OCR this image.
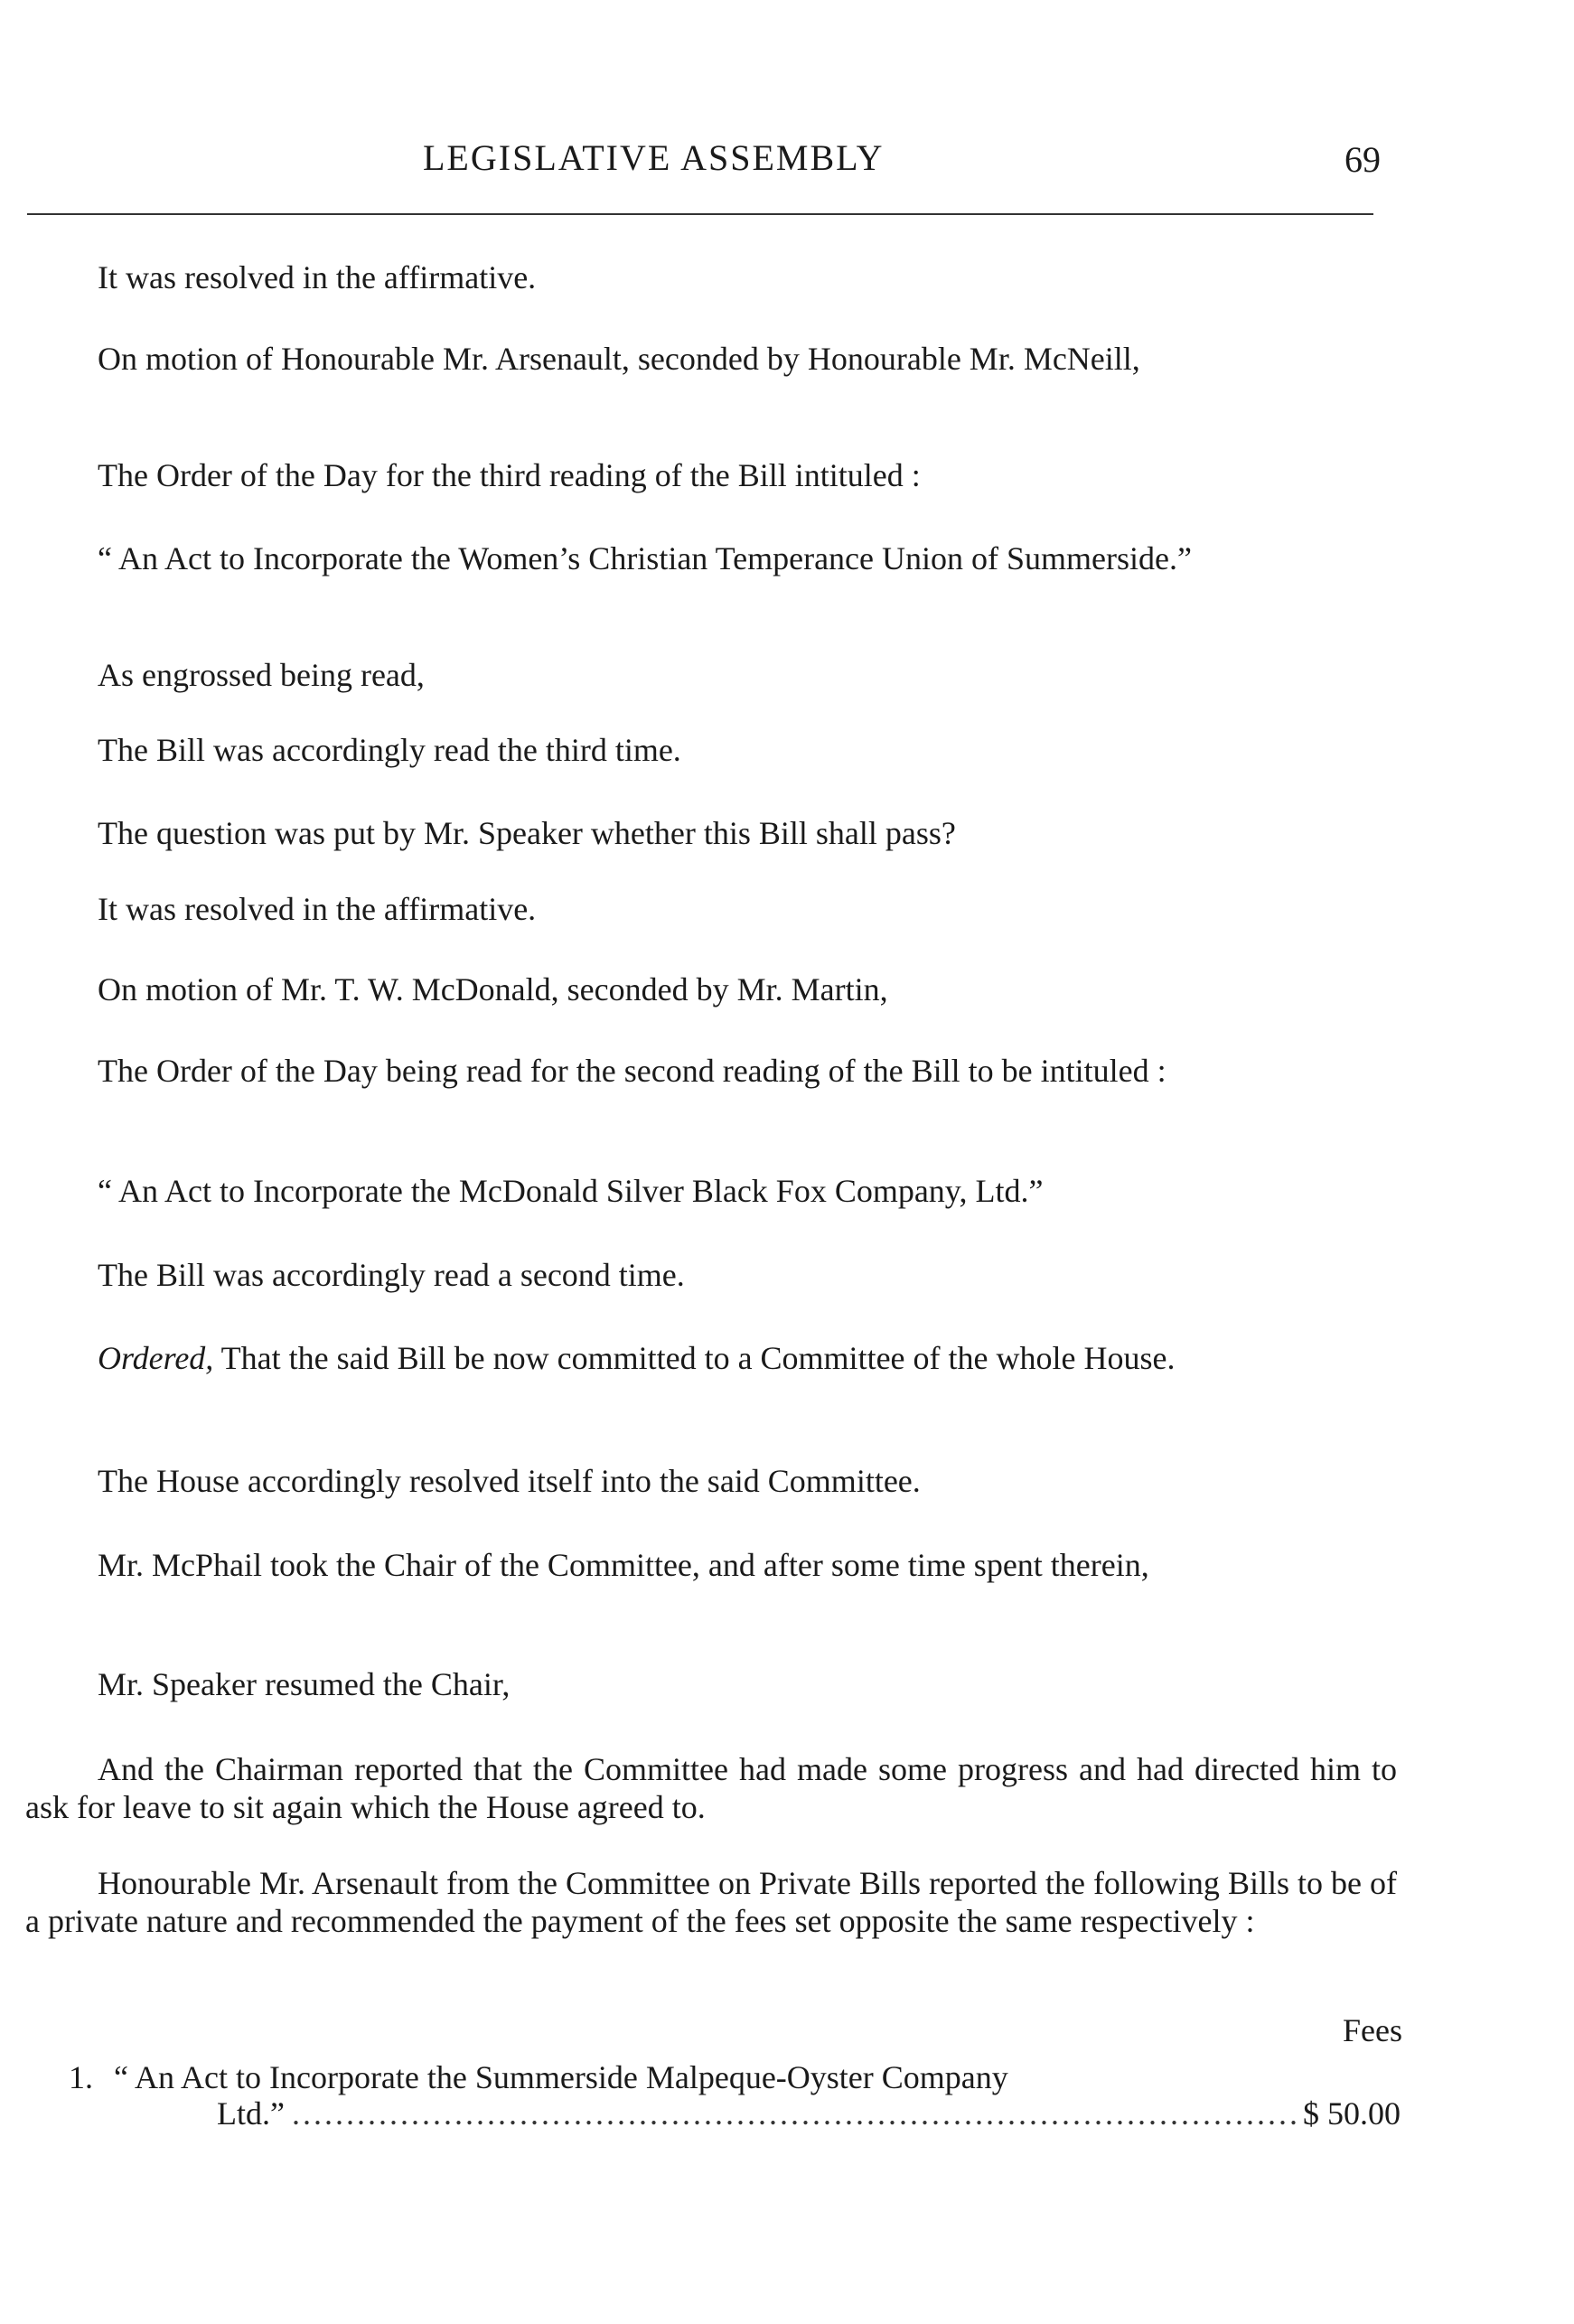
LEGISLATIVE ASSEMBLY	69

It was resolved in the affirmative.

On motion of Honourable Mr. Arsenault, seconded by Honourable Mr. McNeill,

The Order of the Day for the third reading of the Bill intituled :

“ An Act to Incorporate the Women’s Christian Temperance Union of Summerside.”

As engrossed being read,

The Bill was accordingly read the third time.

The question was put by Mr. Speaker whether this Bill shall pass?

It was resolved in the affirmative.

On motion of Mr. T. W. McDonald, seconded by Mr. Martin,

The Order of the Day being read for the second reading of the Bill to be intituled :

“ An Act to Incorporate the McDonald Silver Black Fox Company, Ltd.”

The Bill was accordingly read a second time.

Ordered, That the said Bill be now committed to a Committee of the whole House.

The House accordingly resolved itself into the said Committee.

Mr. McPhail took the Chair of the Committee, and after some time spent therein,

Mr. Speaker resumed the Chair,

And the Chairman reported that the Committee had made some progress and had directed him to ask for leave to sit again which the House agreed to.

Honourable Mr. Arsenault from the Committee on Private Bills reported the following Bills to be of a private nature and recommended the payment of the fees set opposite the same respectively :

Fees
1. “ An Act to Incorporate the Summerside Malpeque-Oyster Company
Ltd.”
.....	$ 50.00
